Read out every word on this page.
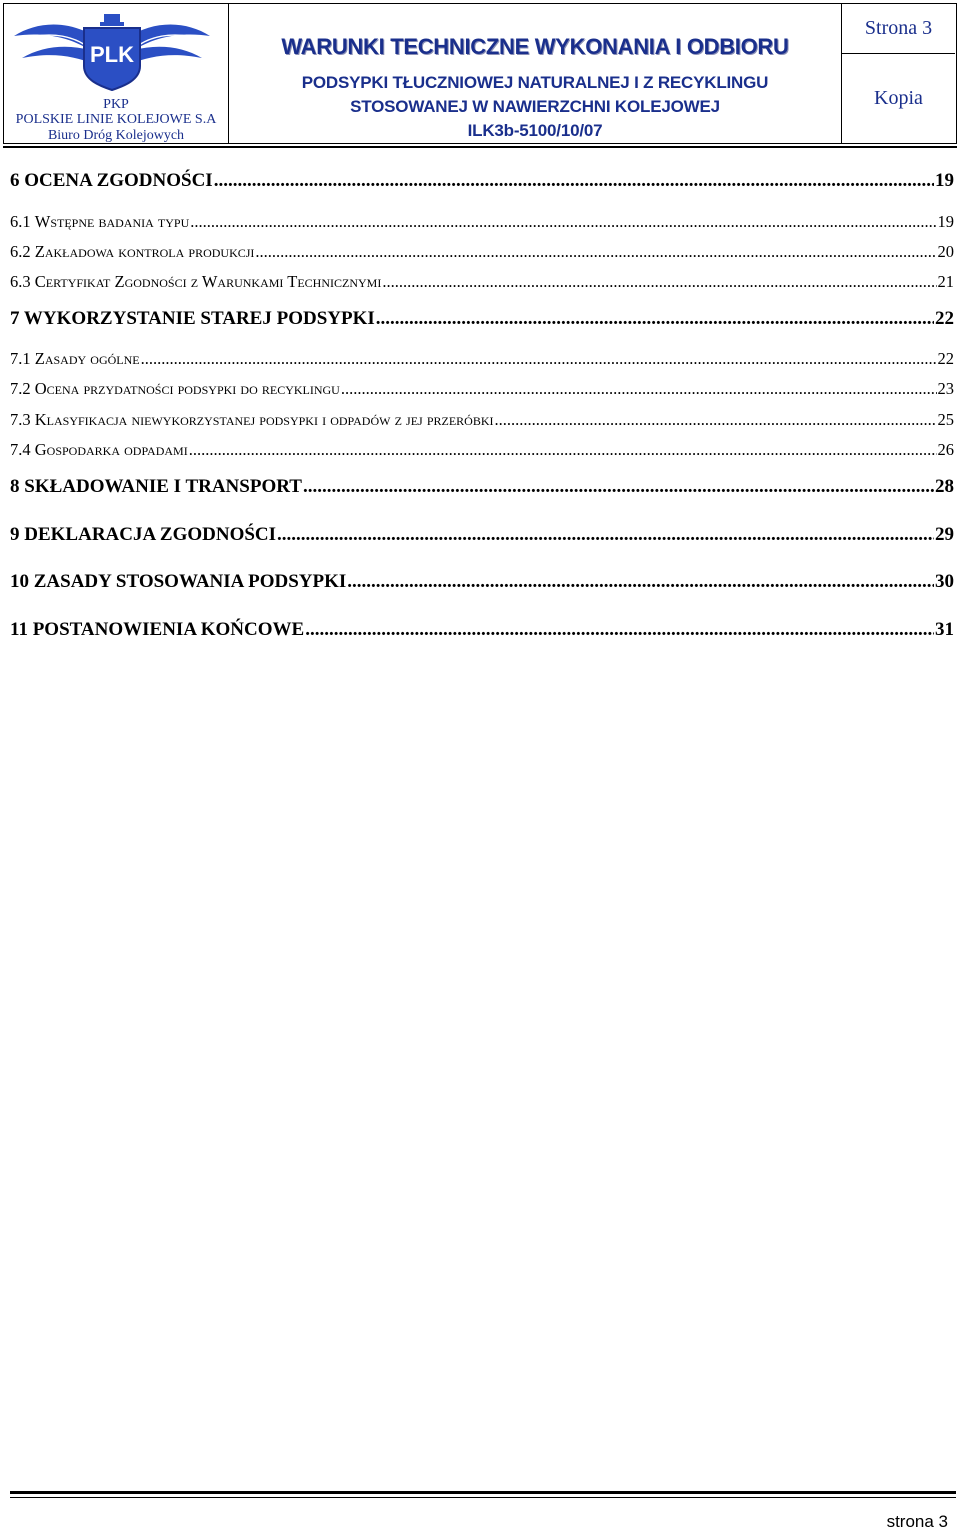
PLK
PKP
POLSKIE LINIE KOLEJOWE S.A
Biuro Dróg Kolejowych
WARUNKI TECHNICZNE WYKONANIA I ODBIORU
PODSYPKI TŁUCZNIOWEJ NATURALNEJ I Z RECYKLINGU
STOSOWANEJ W NAWIERZCHNI KOLEJOWEJ
ILK3b-5100/10/07
Strona 3
Kopia
6 OCENA ZGODNOŚCI .....	19
6.1 Wstępne badania typu .....	19
6.2 Zakładowa kontrola produkcji .....	20
6.3 Certyfikat Zgodności z Warunkami Technicznymi .....	21
7 WYKORZYSTANIE STAREJ PODSYPKI .....	22
7.1 Zasady ogólne .....	22
7.2 Ocena przydatności podsypki do recyklingu .....	23
7.3 Klasyfikacja niewykorzystanej podsypki i odpadów z jej przeróbki .....	25
7.4 Gospodarka odpadami .....	26
8 SKŁADOWANIE I TRANSPORT .....	28
9 DEKLARACJA ZGODNOŚCI .....	29
10 ZASADY STOSOWANIA PODSYPKI .....	30
11 POSTANOWIENIA KOŃCOWE .....	31
strona 3
